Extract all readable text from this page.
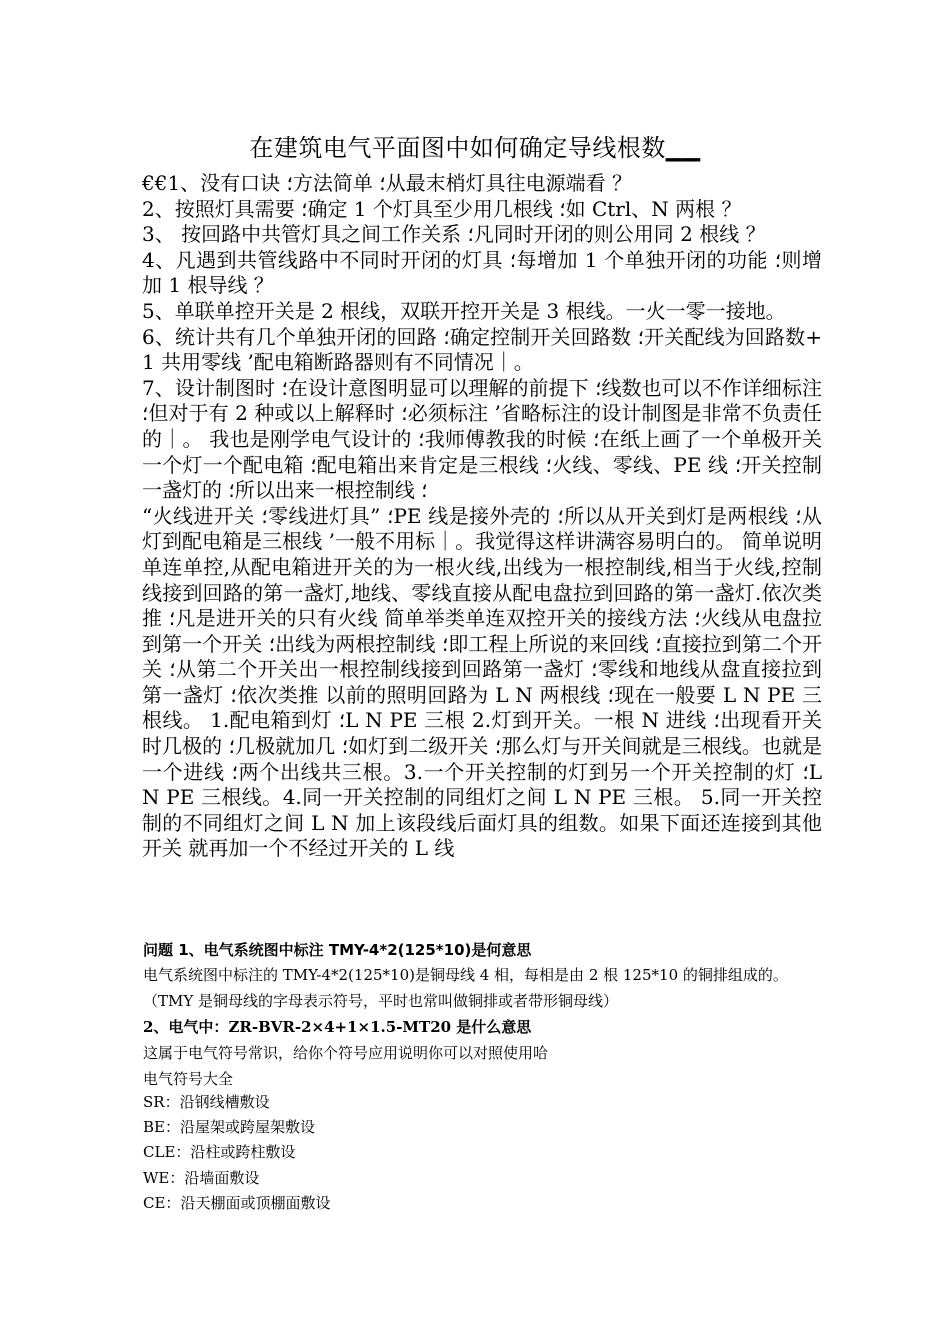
在建筑电气平面图中如何确定导线根数▁▁

€€1、没有口诀 ؛方法简单 ؛从最末梢灯具往电源端看 ？

2、按照灯具需要 ؛确定 1 个灯具至少用几根线 ؛如 Ctrl、N 两根 ？

3、 按回路中共管灯具之间工作关系 ؛凡同时开闭的则公用同 2 根线 ？

4、凡遇到共管线路中不同时开闭的灯具 ؛每增加 1 个单独开闭的功能 ؛则增加 1 根导线 ？

5、单联单控开关是 2 根线，双联开控开关是 3 根线。一火一零一接地。

6、统计共有几个单独开闭的回路 ؛确定控制开关回路数 ؛开关配线为回路数+1 共用零线 ’配电箱断路器则有不同情况｜。

7、设计制图时 ؛在设计意图明显可以理解的前提下 ؛线数也可以不作详细标注 ؛但对于有 2 种或以上解释时 ؛必须标注 ’省略标注的设计制图是非常不负责任的｜。 我也是刚学电气设计的 ؛我师傅教我的时候 ؛在纸上画了一个单极开关一个灯一个配电箱 ؛配电箱出来肯定是三根线 ؛火线、零线、PE 线 ؛开关控制一盏灯的 ؛所以出来一根控制线 ؛

“火线进开关 ؛零线进灯具” ؛PE 线是接外壳的 ؛所以从开关到灯是两根线 ؛从灯到配电箱是三根线 ’一般不用标｜。我觉得这样讲满容易明白的。 简单说明单连单控,从配电箱进开关的为一根火线,出线为一根控制线,相当于火线,控制线接到回路的第一盏灯,地线、零线直接从配电盘拉到回路的第一盏灯.依次类推 ؛凡是进开关的只有火线 简单举类单连双控开关的接线方法 ؛火线从电盘拉到第一个开关 ؛出线为两根控制线 ؛即工程上所说的来回线 ؛直接拉到第二个开关 ؛从第二个开关出一根控制线接到回路第一盏灯 ؛零线和地线从盘直接拉到第一盏灯 ؛依次类推 以前的照明回路为 L N 两根线 ؛现在一般要 L N PE 三根线。 1.配电箱到灯 ؛L N PE 三根 2.灯到开关。一根 N 进线 ؛出现看开关时几极的 ؛几极就加几 ؛如灯到二级开关 ؛那么灯与开关间就是三根线。也就是一个进线 ؛两个出线共三根。3.一个开关控制的灯到另一个开关控制的灯 ؛L N PE 三根线。4.同一开关控制的同组灯之间 L N PE 三根。 5.同一开关控制的不同组灯之间 L N 加上该段线后面灯具的组数。如果下面还连接到其他开关 就再加一个不经过开关的 L 线

问题 1、电气系统图中标注 TMY-4*2(125*10)是何意思

电气系统图中标注的 TMY-4*2(125*10)是铜母线 4 相，每相是由 2 根 125*10 的铜排组成的。

（TMY 是铜母线的字母表示符号，平时也常叫做铜排或者带形铜母线）

2、电气中：ZR-BVR-2×4+1×1.5-MT20 是什么意思

这属于电气符号常识，给你个符号应用说明你可以对照使用哈

电气符号大全

SR：沿钢线槽敷设
BE：沿屋架或跨屋架敷设
CLE：沿柱或跨柱敷设
WE：沿墙面敷设
CE：沿天棚面或顶棚面敷设
